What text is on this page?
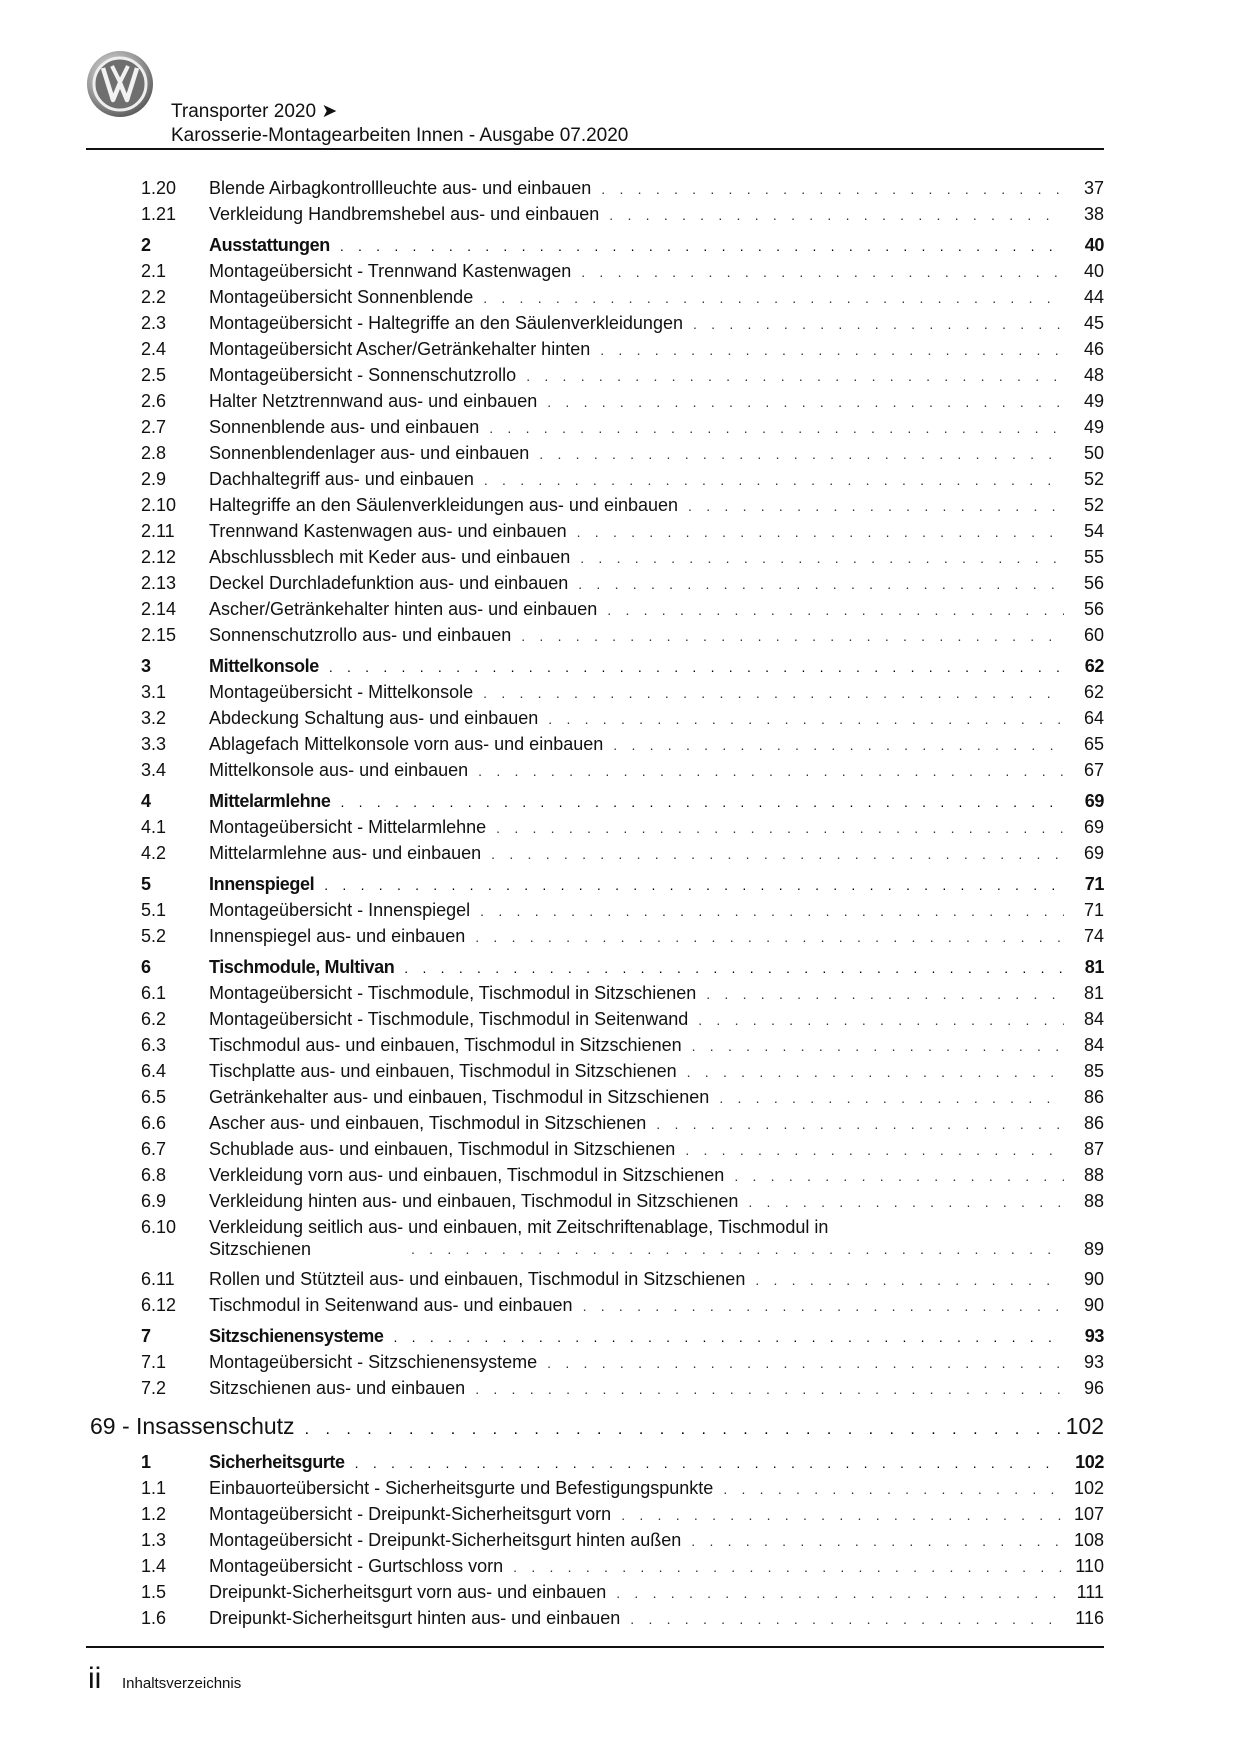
Transporter 2020 ➤
Karosserie-Montagearbeiten Innen - Ausgabe 07.2020
1.20	Blende Airbagkontrollleuchte aus- und einbauen . . .	37
1.21	Verkleidung Handbremshebel aus- und einbauen . . .	38
2	Ausstattungen . . .	40
2.1	Montageübersicht - Trennwand Kastenwagen . . .	40
2.2	Montageübersicht Sonnenblende . . .	44
2.3	Montageübersicht - Haltegriffe an den Säulenverkleidungen . . .	45
2.4	Montageübersicht Ascher/Getränkehalter hinten . . .	46
2.5	Montageübersicht - Sonnenschutzrollo . . .	48
2.6	Halter Netztrennwand aus- und einbauen . . .	49
2.7	Sonnenblende aus- und einbauen . . .	49
2.8	Sonnenblendenlager aus- und einbauen . . .	50
2.9	Dachhaltegriff aus- und einbauen . . .	52
2.10	Haltegriffe an den Säulenverkleidungen aus- und einbauen . . .	52
2.11	Trennwand Kastenwagen aus- und einbauen . . .	54
2.12	Abschlussblech mit Keder aus- und einbauen . . .	55
2.13	Deckel Durchladefunktion aus- und einbauen . . .	56
2.14	Ascher/Getränkehalter hinten aus- und einbauen . . .	56
2.15	Sonnenschutzrollo aus- und einbauen . . .	60
3	Mittelkonsole . . .	62
3.1	Montageübersicht - Mittelkonsole . . .	62
3.2	Abdeckung Schaltung aus- und einbauen . . .	64
3.3	Ablagefach Mittelkonsole vorn aus- und einbauen . . .	65
3.4	Mittelkonsole aus- und einbauen . . .	67
4	Mittelarmlehne . . .	69
4.1	Montageübersicht - Mittelarmlehne . . .	69
4.2	Mittelarmlehne aus- und einbauen . . .	69
5	Innenspiegel . . .	71
5.1	Montageübersicht - Innenspiegel . . .	71
5.2	Innenspiegel aus- und einbauen . . .	74
6	Tischmodule, Multivan . . .	81
6.1	Montageübersicht - Tischmodule, Tischmodul in Sitzschienen . . .	81
6.2	Montageübersicht - Tischmodule, Tischmodul in Seitenwand . . .	84
6.3	Tischmodul aus- und einbauen, Tischmodul in Sitzschienen . . .	84
6.4	Tischplatte aus- und einbauen, Tischmodul in Sitzschienen . . .	85
6.5	Getränkehalter aus- und einbauen, Tischmodul in Sitzschienen . . .	86
6.6	Ascher aus- und einbauen, Tischmodul in Sitzschienen . . .	86
6.7	Schublade aus- und einbauen, Tischmodul in Sitzschienen . . .	87
6.8	Verkleidung vorn aus- und einbauen, Tischmodul in Sitzschienen . . .	88
6.9	Verkleidung hinten aus- und einbauen, Tischmodul in Sitzschienen . . .	88
6.10	Verkleidung seitlich aus- und einbauen, mit Zeitschriftenablage, Tischmodul in Sitzschienen . . .	89
6.11	Rollen und Stützteil aus- und einbauen, Tischmodul in Sitzschienen . . .	90
6.12	Tischmodul in Seitenwand aus- und einbauen . . .	90
7	Sitzschienensysteme . . .	93
7.1	Montageübersicht - Sitzschienensysteme . . .	93
7.2	Sitzschienen aus- und einbauen . . .	96
69 - Insassenschutz . . .	102
1	Sicherheitsgurte . . .	102
1.1	Einbauorteübersicht - Sicherheitsgurte und Befestigungspunkte . . .	102
1.2	Montageübersicht - Dreipunkt-Sicherheitsgurt vorn . . .	107
1.3	Montageübersicht - Dreipunkt-Sicherheitsgurt hinten außen . . .	108
1.4	Montageübersicht - Gurtschloss vorn . . .	110
1.5	Dreipunkt-Sicherheitsgurt vorn aus- und einbauen . . .	111
1.6	Dreipunkt-Sicherheitsgurt hinten aus- und einbauen . . .	116
ii Inhaltsverzeichnis
